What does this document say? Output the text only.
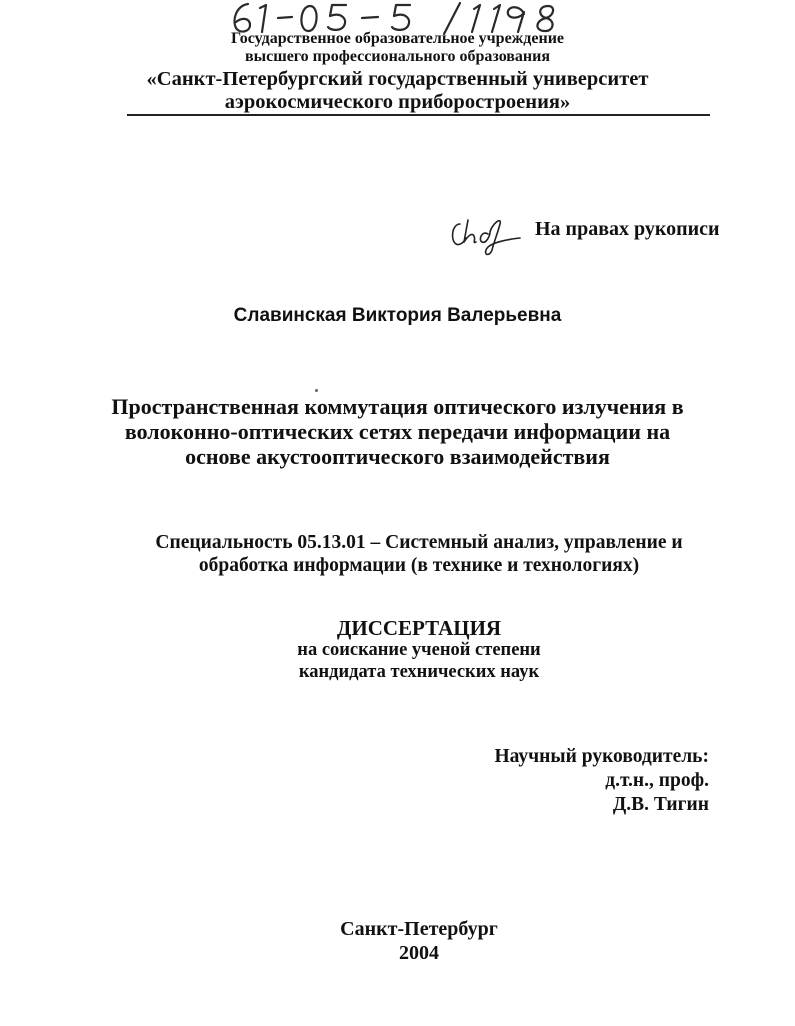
Государственное образовательное учреждение
высшего профессионального образования
«Санкт-Петербургский государственный университет
аэрокосмического приборостроения»
На правах рукописи
Славинская Виктория Валерьевна
Пространственная коммутация оптического излучения в
волоконно-оптических сетях передачи информации на
основе акустооптического взаимодействия
Специальность 05.13.01 – Системный анализ, управление и
обработка информации (в технике и технологиях)
ДИССЕРТАЦИЯ
на соискание ученой степени
кандидата технических наук
Научный руководитель:
д.т.н., проф.
Д.В. Тигин
Санкт-Петербург
2004
